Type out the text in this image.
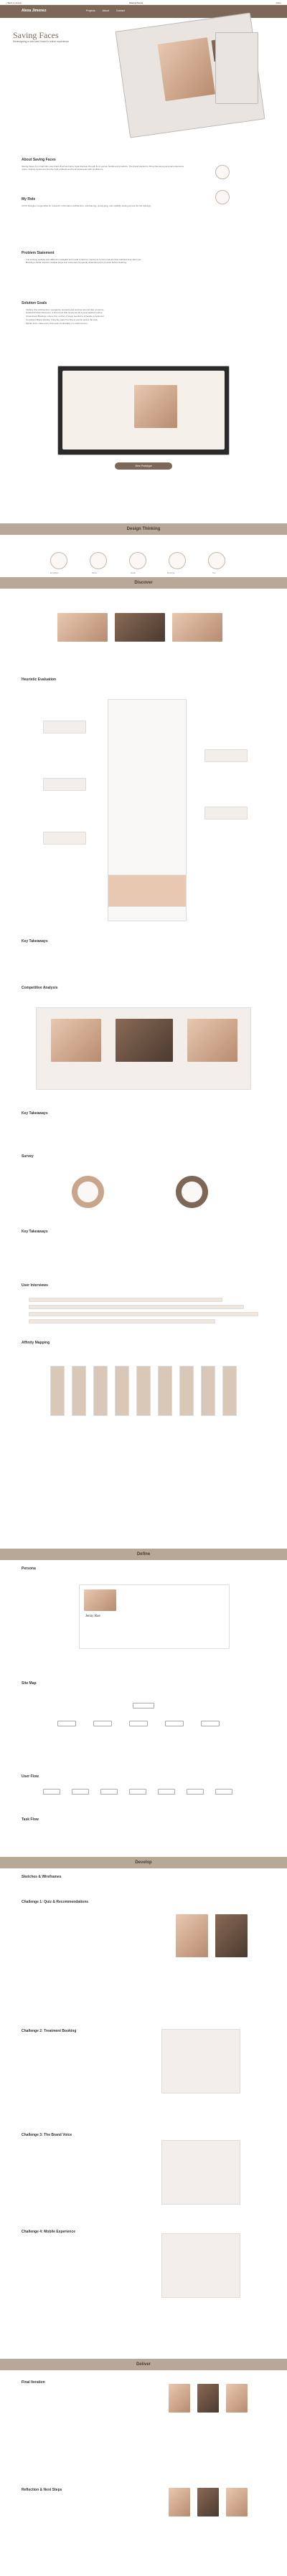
< Back to design	Saving Faces	share
Alexa Jimenez	Projects	About	Contact
Saving Faces
Redesigning a skin care brand's online experience
About Saving Faces
Saving Faces is a small skin care brand that has built a loyal clientele through its in-person facials and products. The brand wanted to bring that same personal experience online, helping customers find the right products and book treatments with confidence.
My Role
UX/UI Designer responsible for research, information architecture, wireframing, prototyping, and usability testing across the full redesign.
Problem Statement
The existing website was difficult to navigate and made it hard for customers to find products that matched their skin type.
Booking a facial required multiple steps and customers frequently abandoned the process before finishing.
Solution Goals
Intuitive Site Architecture: reorganize products and services around skin concerns.
Guided Product Discovery: a short quiz that recommends a personalized routine.
Streamlined Booking: reduce the number of steps needed to schedule a treatment.
Consistent Brand Identity: bring the warmth of the in-person spa to the web.
Mobile First: make every flow work comfortably on small screens.
View Prototype
Design Thinking
Empathize	Define	Ideate	Prototype	Test
Discover
Heuristic Evaluation
Key Takeaways
Competitive Analysis
Key Takeaways
Survey
Key Takeaways
User Interviews
Affinity Mapping
Define
Persona
Jenny Rae
Site Map
User Flow
Task Flow
Develop
Sketches & Wireframes
Challenge 1: Quiz & Recommendations
Challenge 2: Treatment Booking
Challenge 3: The Brand Voice
Challenge 4: Mobile Experience
Deliver
Final Iteration
Reflection & Next Steps
